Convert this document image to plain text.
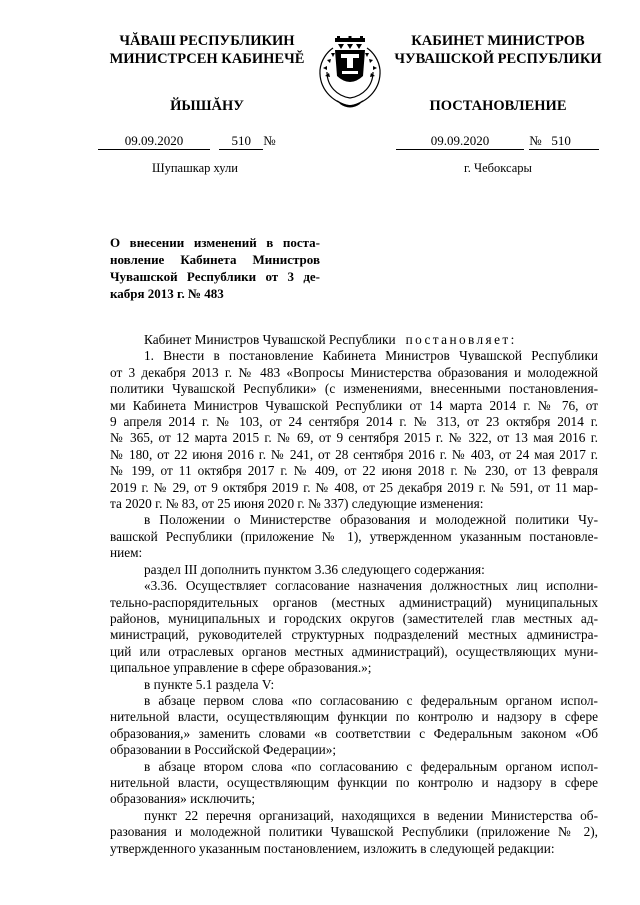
ЧĂВАШ РЕСПУБЛИКИН
МИНИСТРСЕН КАБИНЕЧĔ
КАБИНЕТ МИНИСТРОВ
ЧУВАШСКОЙ РЕСПУБЛИКИ
ЙЫШĂНУ	ПОСТАНОВЛЕНИЕ
09.09.2020	510 №	09.09.2020	№ 510
Шупашкар хули	г. Чебоксары

О внесении изменений в поста-

новление Кабинета Министров

Чувашской Республики от 3 де-

кабря 2013 г. № 483

Кабинет Министров Чувашской Республики постановляет:

1. Внести в постановление Кабинета Министров Чувашской Республики

от 3 декабря 2013 г. № 483 «Вопросы Министерства образования и молодежной

политики Чувашской Республики» (с изменениями, внесенными постановления-

ми Кабинета Министров Чувашской Республики от 14 марта 2014 г. № 76, от

9 апреля 2014 г. № 103, от 24 сентября 2014 г. № 313, от 23 октября 2014 г.

№ 365, от 12 марта 2015 г. № 69, от 9 сентября 2015 г. № 322, от 13 мая 2016 г.

№ 180, от 22 июня 2016 г. № 241, от 28 сентября 2016 г. № 403, от 24 мая 2017 г.

№ 199, от 11 октября 2017 г. № 409, от 22 июня 2018 г. № 230, от 13 февраля

2019 г. № 29, от 9 октября 2019 г. № 408, от 25 декабря 2019 г. № 591, от 11 мар-

та 2020 г. № 83, от 25 июня 2020 г. № 337) следующие изменения:

в Положении о Министерстве образования и молодежной политики Чу-

вашской Республики (приложение № 1), утвержденном указанным постановле-

нием:

раздел III дополнить пунктом 3.36 следующего содержания:

«3.36. Осуществляет согласование назначения должностных лиц исполни-

тельно-распорядительных органов (местных администраций) муниципальных

районов, муниципальных и городских округов (заместителей глав местных ад-

министраций, руководителей структурных подразделений местных администра-

ций или отраслевых органов местных администраций), осуществляющих муни-

ципальное управление в сфере образования.»;

в пункте 5.1 раздела V:

в абзаце первом слова «по согласованию с федеральным органом испол-

нительной власти, осуществляющим функции по контролю и надзору в сфере

образования,» заменить словами «в соответствии с Федеральным законом «Об

образовании в Российской Федерации»;

в абзаце втором слова «по согласованию с федеральным органом испол-

нительной власти, осуществляющим функции по контролю и надзору в сфере

образования» исключить;

пункт 22 перечня организаций, находящихся в ведении Министерства об-

разования и молодежной политики Чувашской Республики (приложение № 2),

утвержденного указанным постановлением, изложить в следующей редакции:
